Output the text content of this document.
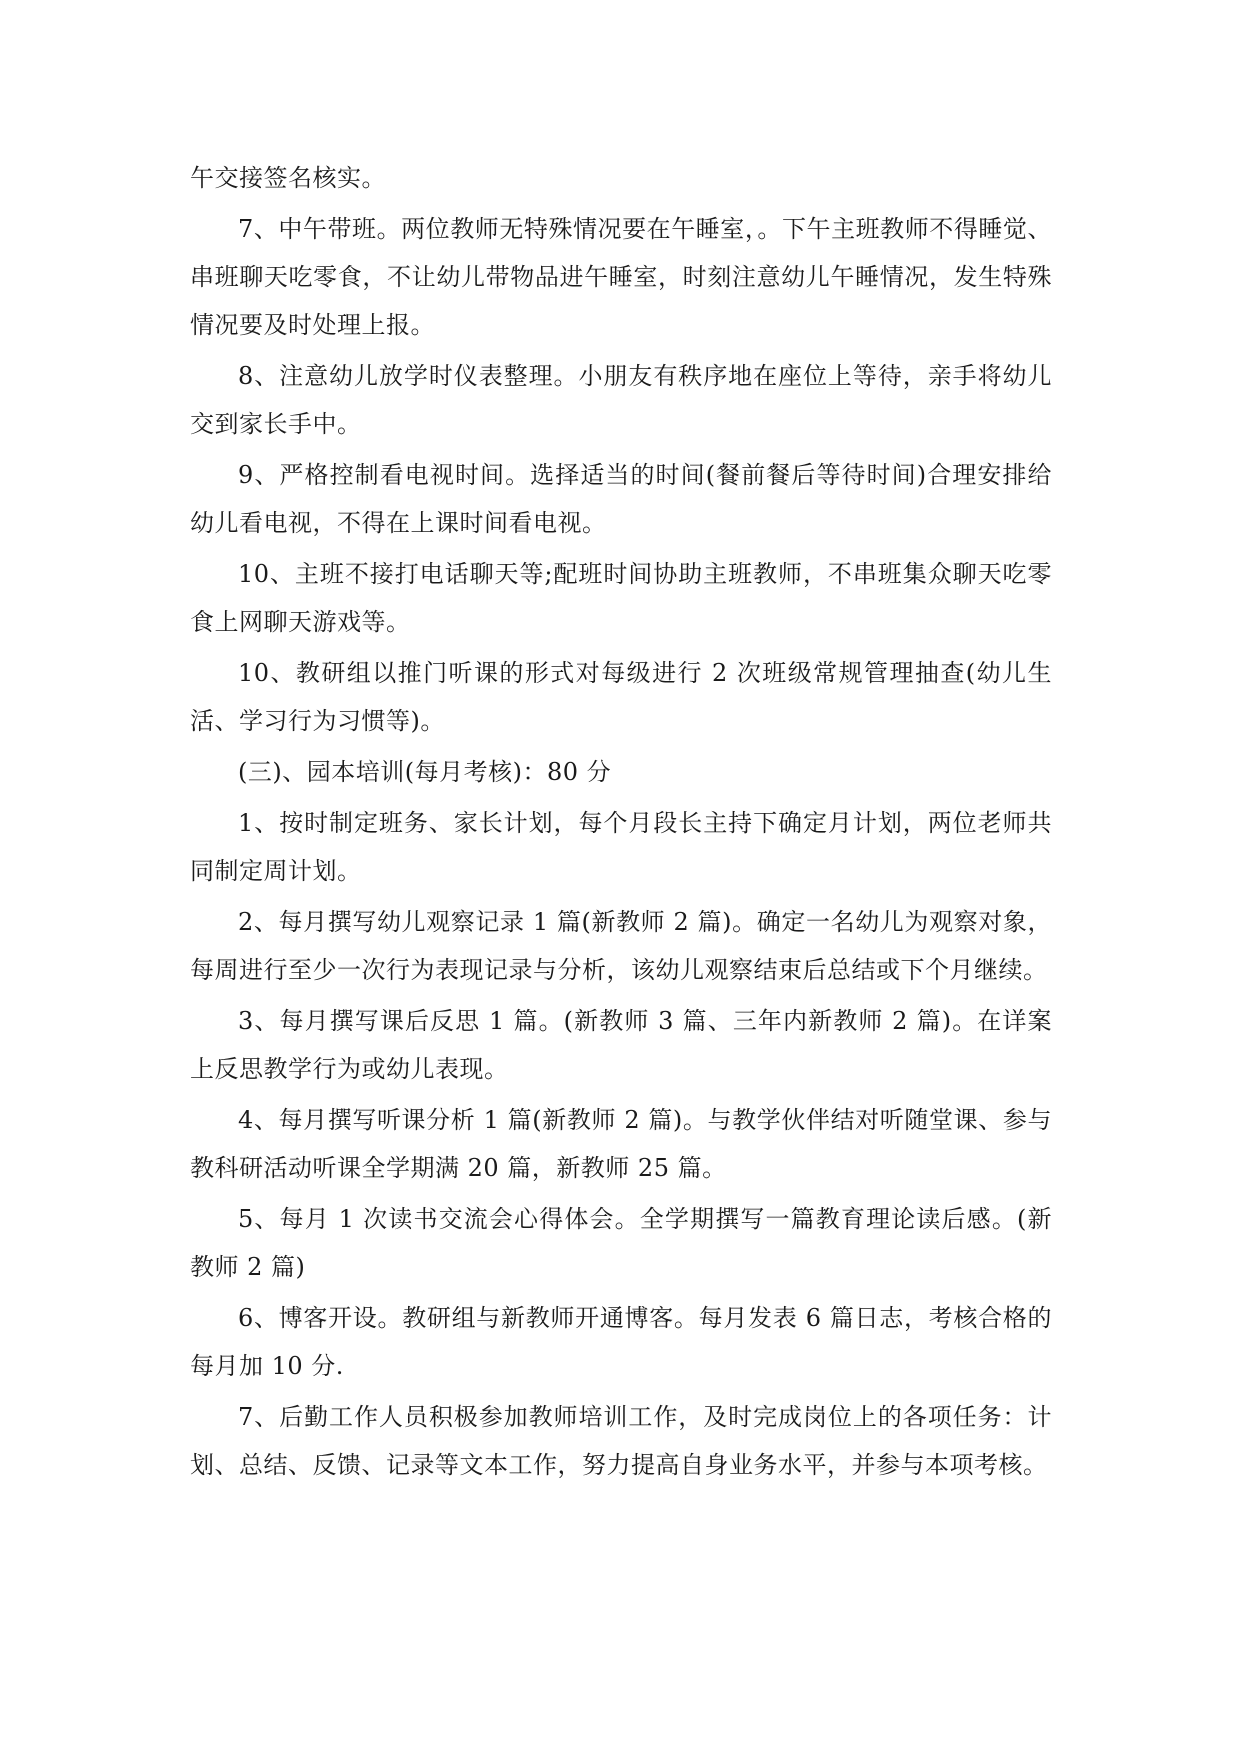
午交接签名核实。

7、中午带班。两位教师无特殊情况要在午睡室，。下午主班教师不得睡觉、串班聊天吃零食，不让幼儿带物品进午睡室，时刻注意幼儿午睡情况，发生特殊情况要及时处理上报。

8、注意幼儿放学时仪表整理。小朋友有秩序地在座位上等待，亲手将幼儿交到家长手中。

9、严格控制看电视时间。选择适当的时间(餐前餐后等待时间)合理安排给幼儿看电视，不得在上课时间看电视。

10、主班不接打电话聊天等;配班时间协助主班教师，不串班集众聊天吃零食上网聊天游戏等。

10、教研组以推门听课的形式对每级进行 2 次班级常规管理抽查(幼儿生活、学习行为习惯等)。

(三)、园本培训(每月考核)：80 分

1、按时制定班务、家长计划，每个月段长主持下确定月计划，两位老师共同制定周计划。

2、每月撰写幼儿观察记录 1 篇(新教师 2 篇)。确定一名幼儿为观察对象，每周进行至少一次行为表现记录与分析，该幼儿观察结束后总结或下个月继续。

3、每月撰写课后反思 1 篇。(新教师 3 篇、三年内新教师 2 篇)。在详案上反思教学行为或幼儿表现。

4、每月撰写听课分析 1 篇(新教师 2 篇)。与教学伙伴结对听随堂课、参与教科研活动听课全学期满 20 篇，新教师 25 篇。

5、每月 1 次读书交流会心得体会。全学期撰写一篇教育理论读后感。(新教师 2 篇)

6、博客开设。教研组与新教师开通博客。每月发表 6 篇日志，考核合格的每月加 10 分.

7、后勤工作人员积极参加教师培训工作，及时完成岗位上的各项任务：计划、总结、反馈、记录等文本工作，努力提高自身业务水平，并参与本项考核。
